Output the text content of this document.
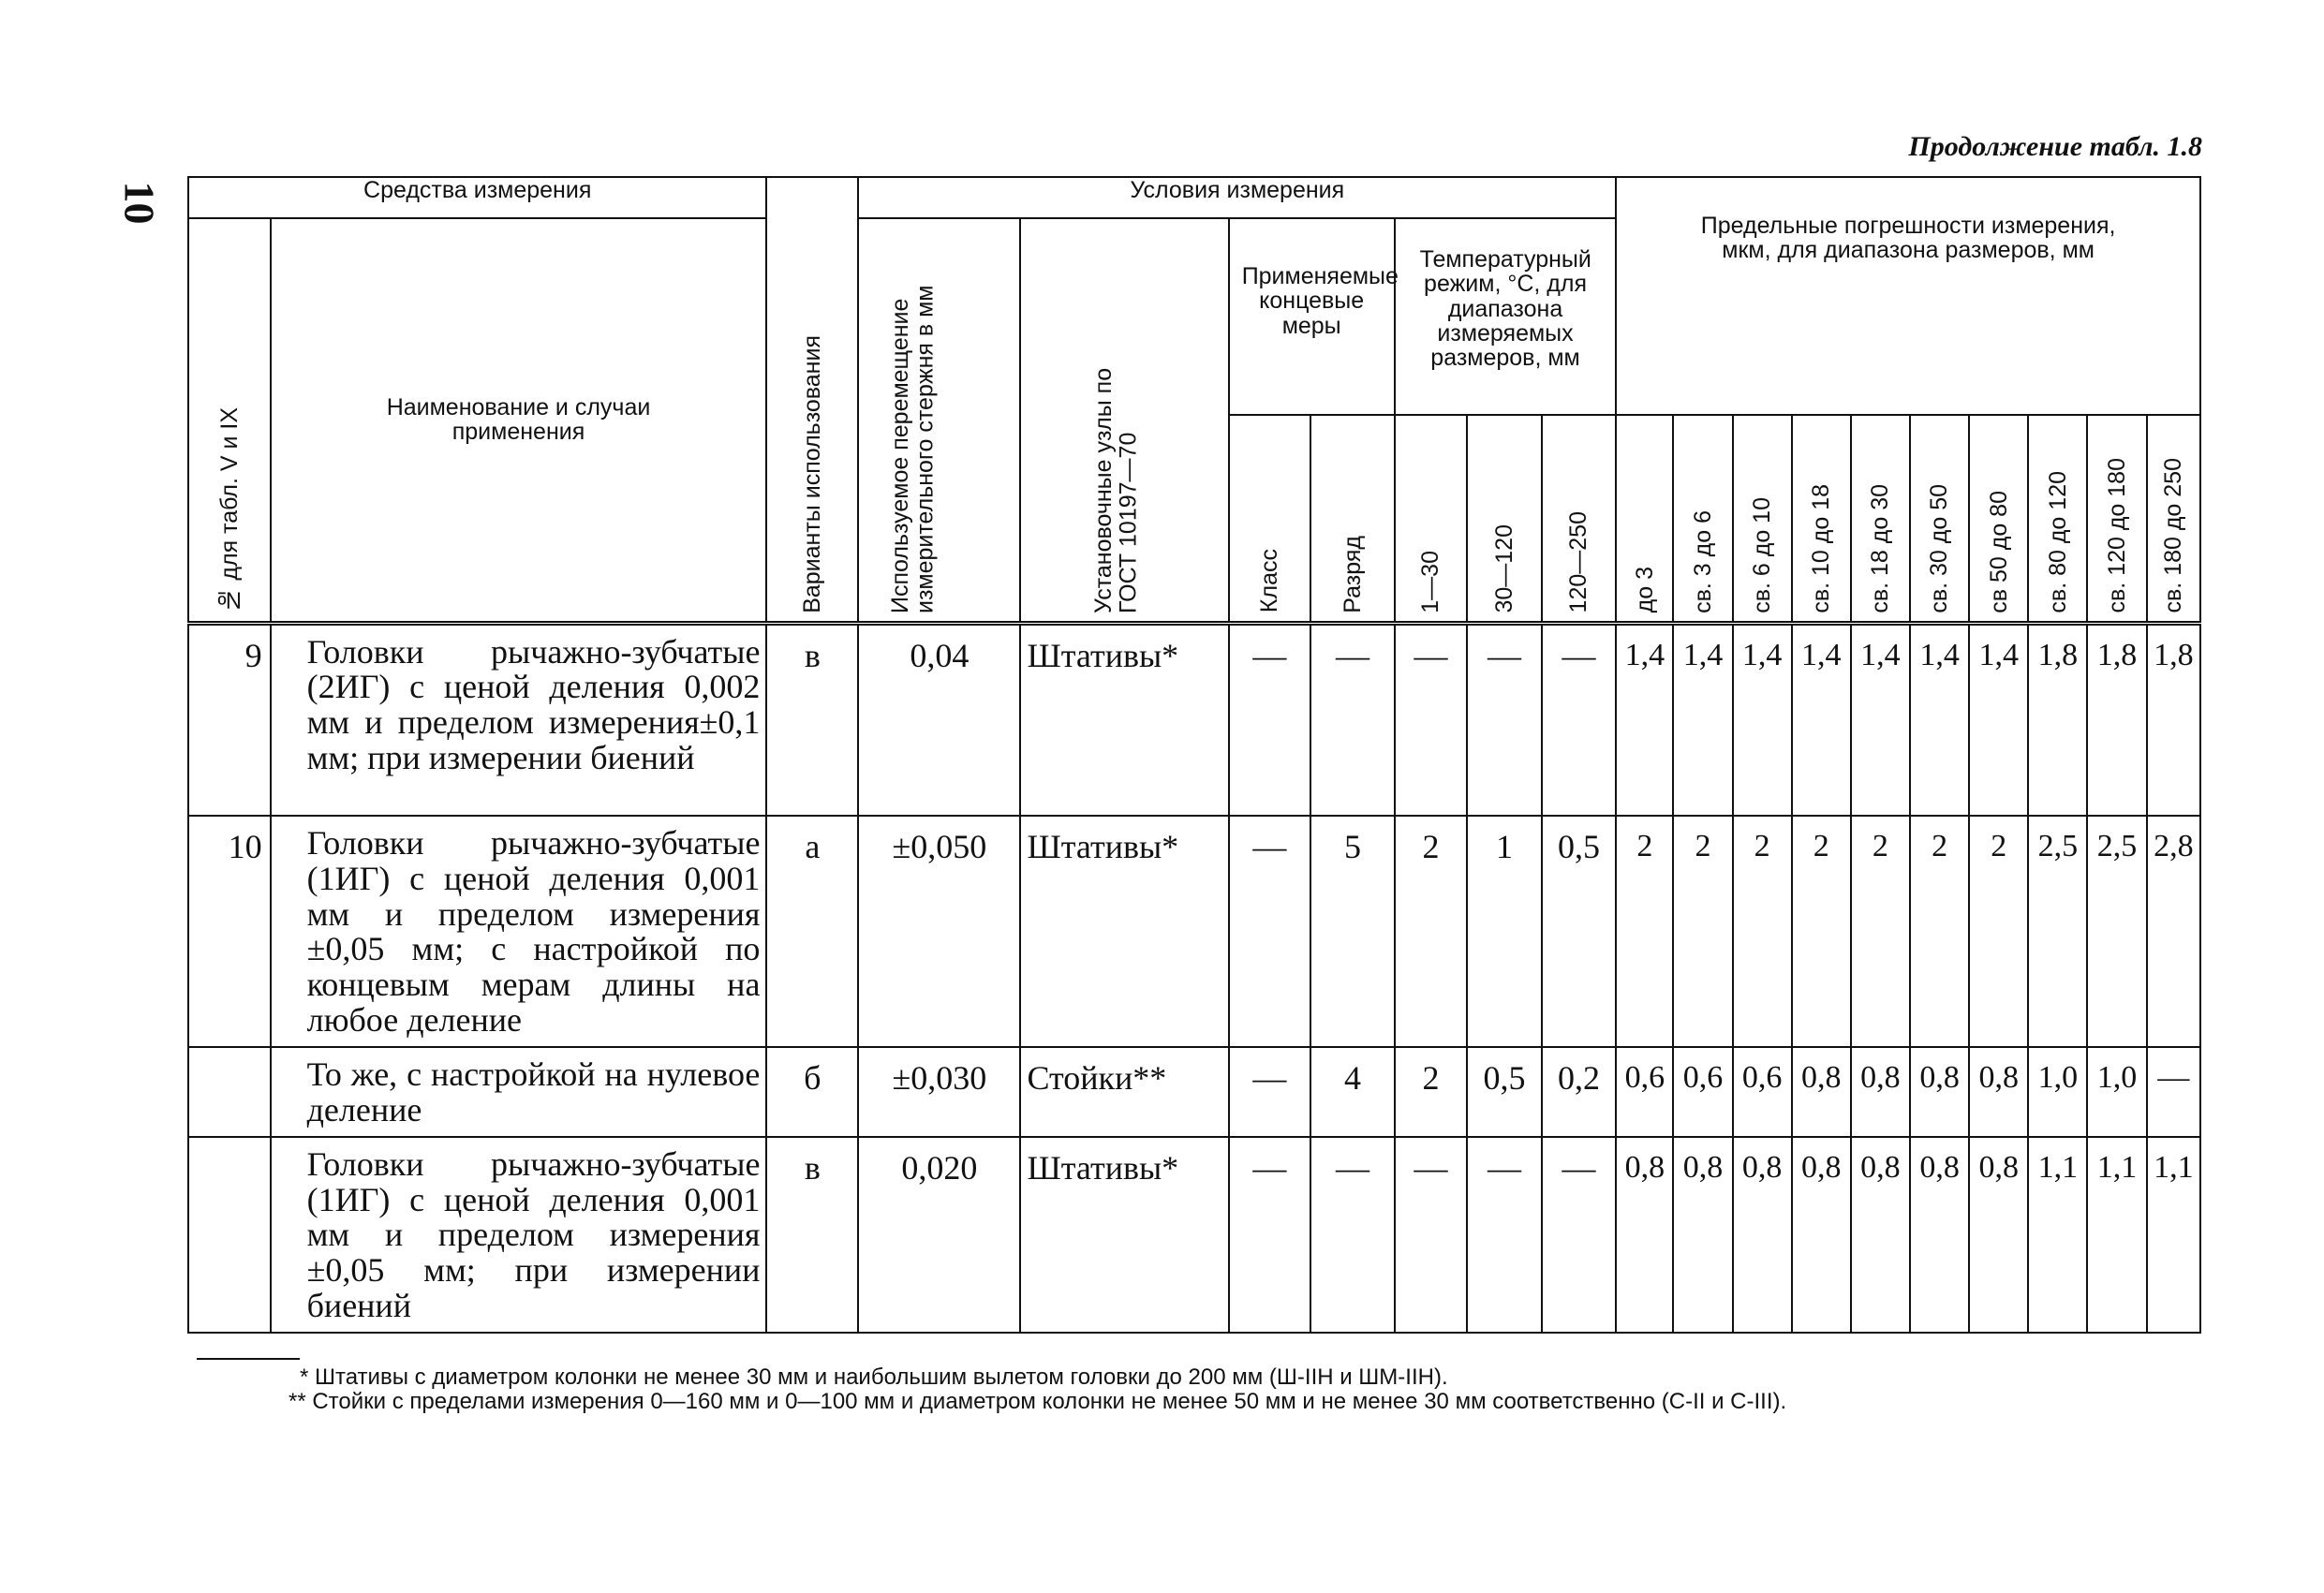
10
Продолжение табл. 1.8
Средства измерения		Варианты использования	Условия измерения							Предельные погрешности измерения, мкм, для диапазона размеров, мм									

№ для табл. V и IX	Наименование и случаи применения		Используемое перемещение измерительного стержня в мм	Установочные узлы по ГОСТ 10197—70	Применяемые концевые меры		Температурный режим, °С, для диапазона измеряемых размеров, мм												

					Класс	Разряд	1—30	30—120	120—250	до 3	св. 3 до 6	св. 6 до 10	св. 10 до 18	св. 18 до 30	св. 30 до 50	св 50 до 80	св. 80 до 120	св. 120 до 180	св. 180 до 250

9	Головки рычажно-зубчатые (2ИГ) с ценой деления 0,002 мм и пределом измерения±0,1 мм; при измерении биений	в	0,04	Штативы*	—	—	—	—	—	1,4	1,4	1,4	1,4	1,4	1,4	1,4	1,8	1,8	1,8
10	Головки рычажно-зубчатые (1ИГ) с ценой деления 0,001 мм и пределом измерения ±0,05 мм; с настройкой по концевым мерам длины на любое деление	а	±0,050	Штативы*	—	5	2	1	0,5	2	2	2	2	2	2	2	2,5	2,5	2,8
	То же, с настройкой на нулевое деление	б	±0,030	Стойки**	—	4	2	0,5	0,2	0,6	0,6	0,6	0,8	0,8	0,8	0,8	1,0	1,0	—
	Головки рычажно-зубчатые (1ИГ) с ценой деления 0,001 мм и пределом измерения ±0,05 мм; при измерении биений	в	0,020	Штативы*	—	—	—	—	—	0,8	0,8	0,8	0,8	0,8	0,8	0,8	1,1	1,1	1,1

* Штативы с диаметром колонки не менее 30 мм и наибольшим вылетом головки до 200 мм (Ш-IIН и ШМ-IIН).

** Стойки с пределами измерения 0—160 мм и 0—100 мм и диаметром колонки не менее 50 мм и не менее 30 мм соответственно (С-II и С-III).
